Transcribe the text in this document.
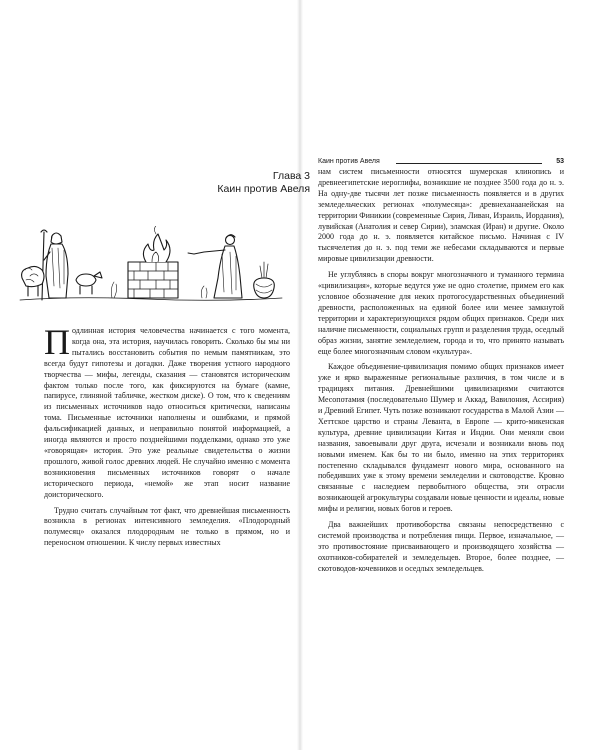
Глава 3
Каин против Авеля

Подлинная история человечества начинается с того момента, когда она, эта история, научилась говорить. Сколько бы мы ни пытались восстановить события по немым памятникам, это всегда будут гипотезы и догадки. Даже творения устного народного творчества — мифы, легенды, сказания — становятся историческим фактом только после того, как фиксируются на бумаге (камне, папирусе, глиняной табличке, жестком диске). О том, что к сведениям из письменных источников надо относиться критически, написаны тома. Письменные источники наполнены и ошибками, и прямой фальсификацией данных, и неправильно понятой информацией, а иногда являются и просто позднейшими подделками, однако это уже «говорящая» история. Это уже реальные свидетельства о жизни прошлого, живой голос древних людей. Не случайно именно с момента возникновения письменных источников говорят о начале исторического периода, «немой» же этап носит название доисторического.

Трудно считать случайным тот факт, что древнейшая письменность возникла в регионах интенсивного земледелия. «Плодородный полумесяц» оказался плодородным не только в прямом, но и переносном отношении. К числу первых известных

Каин против Авеля	53

нам систем письменности относятся шумерская клинопись и древнеегипетские иероглифы, возникшие не позднее 3500 года до н. э. На одну-две тысячи лет позже письменность появляется и в других земледельческих регионах «полумесяца»: древнеханаанейская на территории Финикии (современные Сирия, Ливан, Израиль, Иордания), лувийская (Анатолия и север Сирии), эламская (Иран) и другие. Около 2000 года до н. э. появляется китайское письмо. Начиная с IV тысячелетия до н. э. под теми же небесами складываются и первые мировые цивилизации древности.

Не углубляясь в споры вокруг многозначного и туманного термина «цивилизация», которые ведутся уже не одно столетие, примем его как условное обозначение для неких протогосударственных объединений древности, расположенных на единой более или менее замкнутой территории и характеризующихся рядом общих признаков. Среди них наличие письменности, социальных групп и разделения труда, оседлый образ жизни, занятие земледелием, города и то, что принято называть еще более многозначным словом «культура».

Каждое объединение-цивилизация помимо общих признаков имеет уже и ярко выраженные региональные различия, в том числе и в традициях питания. Древнейшими цивилизациями считаются Месопотамия (последовательно Шумер и Аккад, Вавилония, Ассирия) и Древний Египет. Чуть позже возникают государства в Малой Азии — Хеттское царство и страны Леванта, в Европе — крито-микенская культура, древние цивилизации Китая и Индии. Они меняли свои названия, завоевывали друг друга, исчезали и возникали вновь под новыми именем. Как бы то ни было, именно на этих территориях постепенно складывался фундамент нового мира, основанного на победивших уже к этому времени земледелии и скотоводстве. Кровно связанные с наследием первобытного общества, эти отрасли возникающей агрокультуры создавали новые ценности и идеалы, новые мифы и религии, новых богов и героев.

Два важнейших противоборства связаны непосредственно с системой производства и потребления пищи. Первое, изначальное, — это противостояние присваивающего и производящего хозяйства — охотников-собирателей и земледельцев. Второе, более позднее, — скотоводов-кочевников и оседлых земледельцев.
